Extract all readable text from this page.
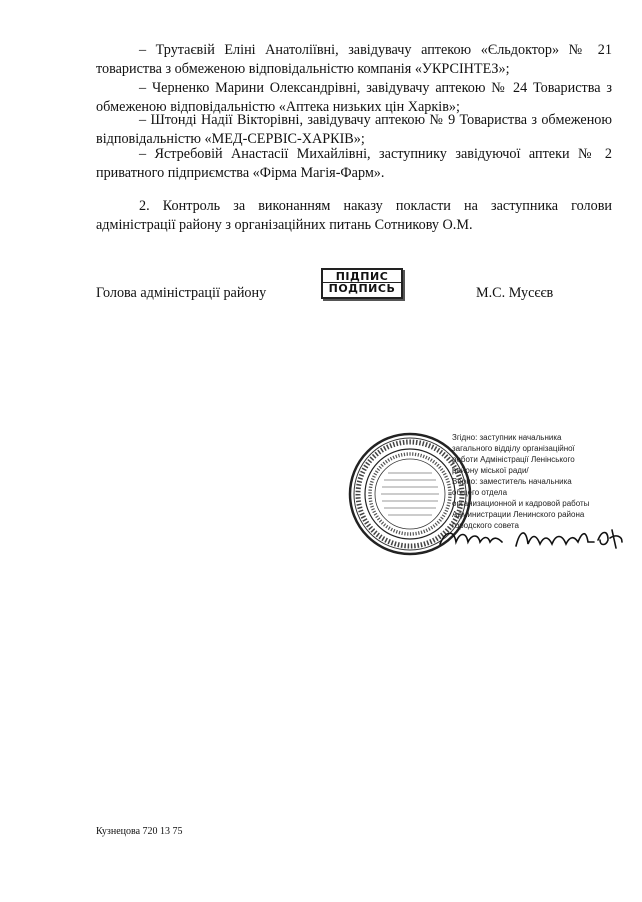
– Трутаєвій Еліні Анатоліївні, завідувачу аптекою «Єльдоктор» № 21 товариства з обмеженою відповідальністю компанія «УКРСІНТЕЗ»;

– Черненко Марини Олександрівні, завідувачу аптекою № 24 Товариства з обмеженою відповідальністю «Аптека низьких цін Харків»;

– Штонді Надії Вікторівні, завідувачу аптекою № 9 Товариства з обмеженою відповідальністю «МЕД-СЕРВІС-ХАРКІВ»;

– Ястребовій Анастасії Михайлівні, заступнику завідуючої аптеки № 2 приватного підприємства «Фірма Магія-Фарм».

2. Контроль за виконанням наказу покласти на заступника голови адміністрації району з організаційних питань Сотникову О.М.

Голова адміністрації району
ПІДПИС
ПОДПИСЬ	М.С. Мусєєв
Згідно: заступник начальника
загального відділу організаційної
роботи Адміністрації Ленінського
району міської ради/
Верно: заместитель начальника
общего отдела
организационной и кадровой работы
Администрации Ленинского района
городского совета
Кузнецова 720 13 75
